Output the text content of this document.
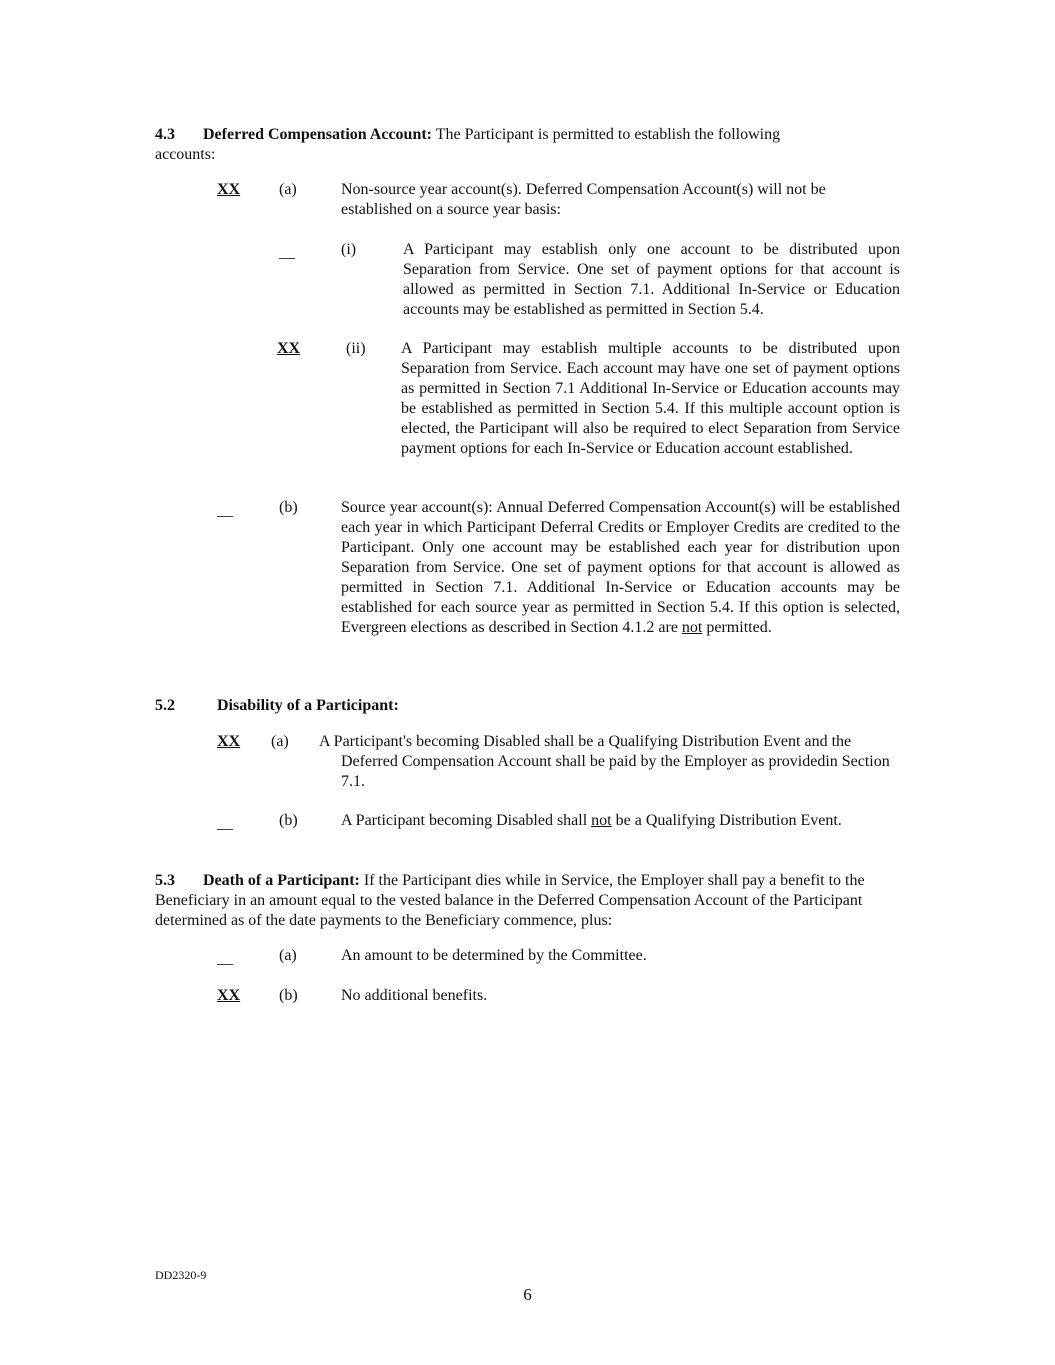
4.3 Deferred Compensation Account: The Participant is permitted to establish the following
accounts:
XX (a)	Non-source year account(s). Deferred Compensation Account(s) will not be established on a source year basis:
__	(i)	A Participant may establish only one account to be distributed upon Separation from Service. One set of payment options for that account is allowed as permitted in Section 7.1. Additional In-Service or Education accounts may be established as permitted in Section 5.4.
XX	(ii) A Participant may establish multiple accounts to be distributed upon Separation from Service. Each account may have one set of payment options as permitted in Section 7.1 Additional In-Service or Education accounts may be established as permitted in Section 5.4. If this multiple account option is elected, the Participant will also be required to elect Separation from Service payment options for each In-Service or Education account established.
__	(b)	Source year account(s): Annual Deferred Compensation Account(s) will be established each year in which Participant Deferral Credits or Employer Credits are credited to the Participant. Only one account may be established each year for distribution upon Separation from Service. One set of payment options for that account is allowed as permitted in Section 7.1. Additional In-Service or Education accounts may be established for each source year as permitted in Section 5.4. If this option is selected, Evergreen elections as described in Section 4.1.2 are not permitted.
5.2	Disability of a Participant:
XX (a) A Participant's becoming Disabled shall be a Qualifying Distribution Event and the
Deferred Compensation Account shall be paid by the Employer as providedin Section 7.1.
__	(b)	A Participant becoming Disabled shall not be a Qualifying Distribution Event.
5.3 Death of a Participant: If the Participant dies while in Service, the Employer shall pay a benefit to the Beneficiary in an amount equal to the vested balance in the Deferred Compensation Account of the Participant determined as of the date payments to the Beneficiary commence, plus:
__	(a)	An amount to be determined by the Committee.
XX (b)	No additional benefits.
DD2320-9
6
